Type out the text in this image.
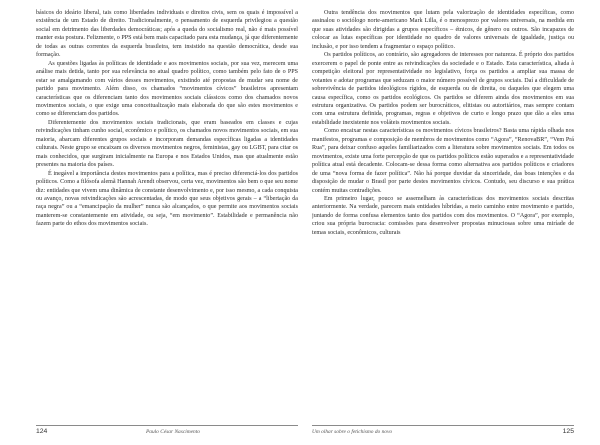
básicos do ideário liberal, tais como liberdades individuais e direitos civis, sem os quais é impossível a existência de um Estado de direito. Tradicionalmente, o pensamento de esquerda privilegiou a questão social em detrimento das liberdades democráticas; após a queda do socialismo real, não é mais possível manter esta postura. Felizmente, o PPS está bem mais capacitado para esta mudança, já que diferentemente de todas as outras correntes da esquerda brasileira, tem insistido na questão democrática, desde sua formação.

As questões ligadas às políticas de identidade e aos movimentos sociais, por sua vez, merecem uma análise mais detida, tanto por sua relevância no atual quadro político, como também pelo fato de o PPS estar se amalgamando com vários desses movimentos, existindo até propostas de mudar seu nome de partido para movimento. Além disso, os chamados “movimentos cívicos” brasileiros apresentam características que os diferenciam tanto dos movimentos sociais clássicos como dos chamados novos movimentos sociais, o que exige uma conceitualização mais elaborada do que são estes movimentos e como se diferenciam dos partidos.

Diferentemente dos movimentos sociais tradicionais, que eram baseados em classes e cujas reivindicações tinham cunho social, econômico e político, os chamados novos movimentos sociais, em sua maioria, abarcam diferentes grupos sociais e incorporam demandas específicas ligadas a identidades culturais. Neste grupo se encaixam os diversos movimentos negros, feministas, gay ou LGBT, para citar os mais conhecidos, que surgiram inicialmente na Europa e nos Estados Unidos, mas que atualmente estão presentes na maioria dos países.

É inegável a importância destes movimentos para a política, mas é preciso diferenciá-los dos partidos políticos. Como a filósofa alemã Hannah Arendt observou, certa vez, movimentos são bem o que seu nome diz: entidades que vivem uma dinâmica de constante desenvolvimento e, por isso mesmo, a cada conquista ou avanço, novas reivindicações são acrescentadas, de modo que seus objetivos gerais – a “libertação da raça negra” ou a “emancipação da mulher” nunca são alcançados, o que permite aos movimentos sociais manterem-se constantemente em atividade, ou seja, “em movimento”. Estabilidade e permanência não fazem parte do ethos dos movimentos sociais.

124	Paulo César Nascimento

Outra tendência dos movimentos que lutam pela valorização de identidades específicas, como assinalou o sociólogo norte-americano Mark Lilla, é o menosprezo por valores universais, na medida em que suas atividades são dirigidas a grupos específicos – étnicos, de gênero ou outros. São incapazes de colocar as lutas específicas por identidade no quadro de valores universais de igualdade, justiça ou inclusão, e por isso tendem a fragmentar o espaço político.

Os partidos políticos, ao contrário, são agregadores de interesses por natureza. É próprio dos partidos exercerem o papel de ponte entre as reivindicações da sociedade e o Estado. Esta característica, aliada à competição eleitoral por representatividade no legislativo, força os partidos a ampliar sua massa de votantes e adotar programas que seduzam o maior número possível de grupos sociais. Daí a dificuldade de sobrevivência de partidos ideológicos rígidos, de esquerda ou de direita, ou daqueles que elegem uma causa específica, como os partidos ecológicos. Os partidos se diferem ainda dos movimentos em sua estrutura organizativa. Os partidos podem ser burocráticos, elitistas ou autoritários, mas sempre contam com uma estrutura definida, programas, regras e objetivos de curto e longo prazo que dão a eles uma estabilidade inexistente nos voláteis movimentos sociais.

Como encaixar nestas características os movimentos cívicos brasileiros? Basta uma rápida olhada nos manifestos, programas e composição de membros de movimentos como “Agora”, “RenovaBR”, “Vem Prá Rua”, para deixar confuso aqueles familiarizados com a literatura sobre movimentos sociais. Em todos os movimentos, existe uma forte percepção de que os partidos políticos estão superados e a representatividade política atual está decadente. Colocam-se dessa forma como alternativa aos partidos políticos e criadores de uma “nova forma de fazer política”. Não há porque duvidar da sinceridade, das boas intenções e da disposição de mudar o Brasil por parte destes movimentos cívicos. Contudo, seu discurso e sua prática contém muitas contradições.

Em primeiro lugar, pouco se assemelham às características dos movimentos sociais descritas anteriormente. Na verdade, parecem mais entidades híbridas, a meio caminho entre movimento e partido, juntando de forma confusa elementos tanto dos partidos com dos movimentos. O “Agora”, por exemplo, criou sua própria burocracia: comissões para desenvolver propostas minuciosas sobre uma miríade de temas sociais, econômicos, culturais

Um olhar sobre o fetichismo do novo	125
